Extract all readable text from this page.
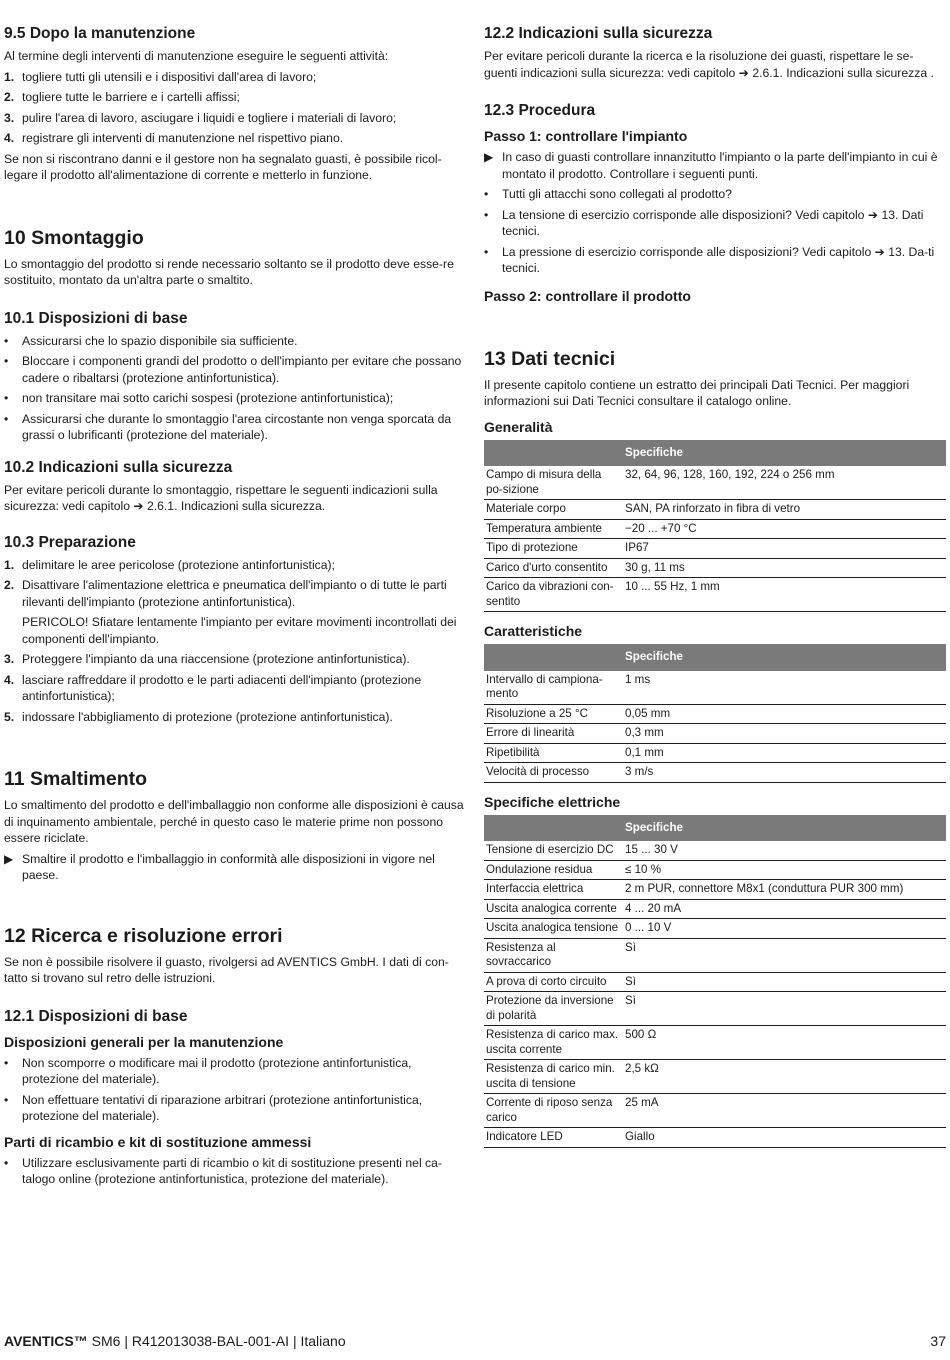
9.5 Dopo la manutenzione

Al termine degli interventi di manutenzione eseguire le seguenti attività:

1. togliere tutti gli utensili e i dispositivi dall'area di lavoro;
2. togliere tutte le barriere e i cartelli affissi;
3. pulire l'area di lavoro, asciugare i liquidi e togliere i materiali di lavoro;
4. registrare gli interventi di manutenzione nel rispettivo piano.

Se non si riscontrano danni e il gestore non ha segnalato guasti, è possibile ricol-legare il prodotto all'alimentazione di corrente e metterlo in funzione.

10 Smontaggio

Lo smontaggio del prodotto si rende necessario soltanto se il prodotto deve esse-re sostituito, montato da un'altra parte o smaltito.

10.1 Disposizioni di base
• Assicurarsi che lo spazio disponibile sia sufficiente.
• Bloccare i componenti grandi del prodotto o dell'impianto per evitare che possano cadere o ribaltarsi (protezione antinfortunistica).
• non transitare mai sotto carichi sospesi (protezione antinfortunistica);
• Assicurarsi che durante lo smontaggio l'area circostante non venga sporcata da grassi o lubrificanti (protezione del materiale).
10.2 Indicazioni sulla sicurezza

Per evitare pericoli durante lo smontaggio, rispettare le seguenti indicazioni sulla sicurezza: vedi capitolo ➔ 2.6.1. Indicazioni sulla sicurezza.

10.3 Preparazione
1. delimitare le aree pericolose (protezione antinfortunistica);
2. Disattivare l'alimentazione elettrica e pneumatica dell'impianto o di tutte le parti rilevanti dell'impianto (protezione antinfortunistica).

PERICOLO! Sfiatare lentamente l'impianto per evitare movimenti incontrollati dei componenti dell'impianto.

3. Proteggere l'impianto da una riaccensione (protezione antinfortunistica).
4. lasciare raffreddare il prodotto e le parti adiacenti dell'impianto (protezione antinfortunistica);
5. indossare l'abbigliamento di protezione (protezione antinfortunistica).
11 Smaltimento

Lo smaltimento del prodotto e dell'imballaggio non conforme alle disposizioni è causa di inquinamento ambientale, perché in questo caso le materie prime non possono essere riciclate.

▶ Smaltire il prodotto e l'imballaggio in conformità alle disposizioni in vigore nel paese.
12 Ricerca e risoluzione errori

Se non è possibile risolvere il guasto, rivolgersi ad AVENTICS GmbH. I dati di con-tatto si trovano sul retro delle istruzioni.

12.1 Disposizioni di base
Disposizioni generali per la manutenzione
• Non scomporre o modificare mai il prodotto (protezione antinfortunistica, protezione del materiale).
• Non effettuare tentativi di riparazione arbitrari (protezione antinfortunistica, protezione del materiale).
Parti di ricambio e kit di sostituzione ammessi
• Utilizzare esclusivamente parti di ricambio o kit di sostituzione presenti nel ca-talogo online (protezione antinfortunistica, protezione del materiale).
12.2 Indicazioni sulla sicurezza

Per evitare pericoli durante la ricerca e la risoluzione dei guasti, rispettare le se-guenti indicazioni sulla sicurezza: vedi capitolo ➔ 2.6.1. Indicazioni sulla sicurezza .

12.3 Procedura
Passo 1: controllare l'impianto
▶ In caso di guasti controllare innanzitutto l'impianto o la parte dell'impianto in cui è montato il prodotto. Controllare i seguenti punti.
• Tutti gli attacchi sono collegati al prodotto?
• La tensione di esercizio corrisponde alle disposizioni? Vedi capitolo ➔ 13. Dati tecnici.
• La pressione di esercizio corrisponde alle disposizioni? Vedi capitolo ➔ 13. Da-ti tecnici.
Passo 2: controllare il prodotto
13 Dati tecnici

Il presente capitolo contiene un estratto dei principali Dati Tecnici. Per maggiori informazioni sui Dati Tecnici consultare il catalogo online.

Generalità
	Specifiche
Campo di misura della po-sizione	32, 64, 96, 128, 160, 192, 224 o 256 mm
Materiale corpo	SAN, PA rinforzato in fibra di vetro
Temperatura ambiente	−20 ... +70 °C
Tipo di protezione	IP67
Carico d'urto consentito	30 g, 11 ms
Carico da vibrazioni con-sentito	10 ... 55 Hz, 1 mm
Caratteristiche
	Specifiche
Intervallo di campiona-mento	1 ms
Risoluzione a 25 °C	0,05 mm
Errore di linearità	0,3 mm
Ripetibilità	0,1 mm
Velocità di processo	3 m/s
Specifiche elettriche
	Specifiche
Tensione di esercizio DC	15 ... 30 V
Ondulazione residua	≤ 10 %
Interfaccia elettrica	2 m PUR, connettore M8x1 (conduttura PUR 300 mm)
Uscita analogica corrente	4 ... 20 mA
Uscita analogica tensione	0 ... 10 V
Resistenza al sovraccarico	Sì
A prova di corto circuito	Sì
Protezione da inversione di polarità	Sì
Resistenza di carico max. uscita corrente	500 Ω
Resistenza di carico min. uscita di tensione	2,5 kΩ
Corrente di riposo senza carico	25 mA
Indicatore LED	Giallo
AVENTICS™ SM6 | R412013038-BAL-001-AI | Italiano	37
